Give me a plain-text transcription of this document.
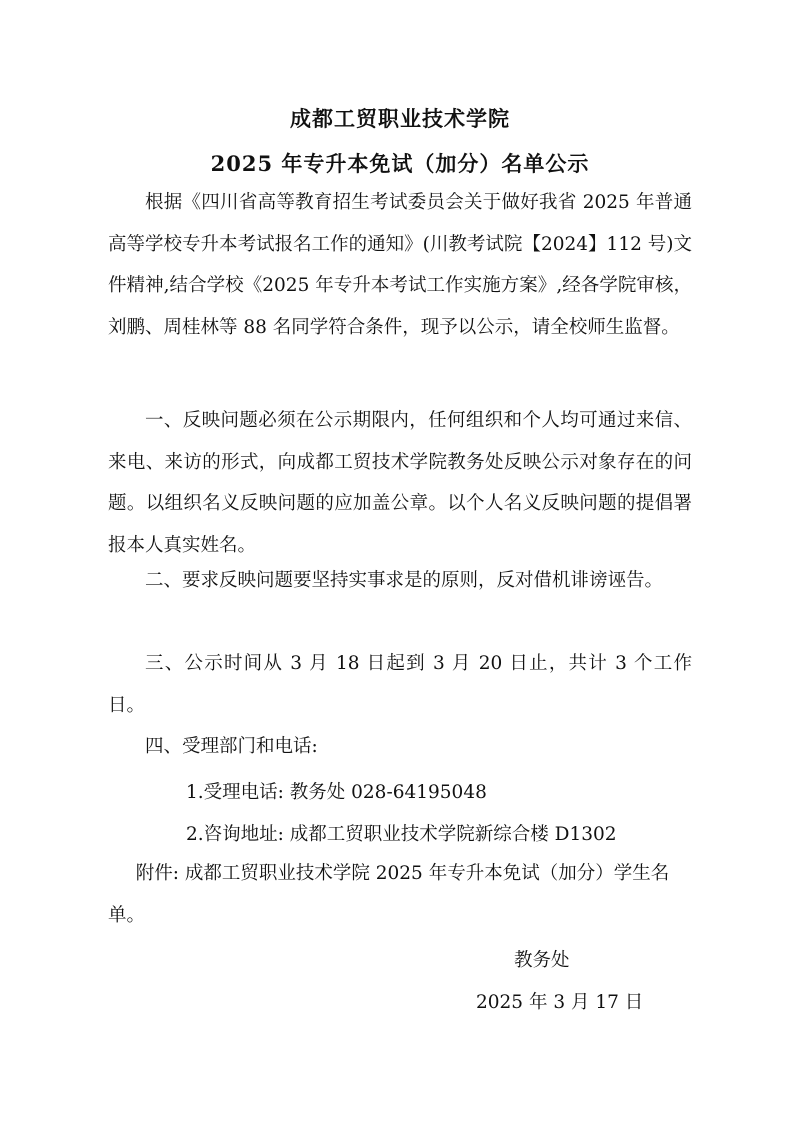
成都工贸职业技术学院
2025 年专升本免试（加分）名单公示

根据《四川省高等教育招生考试委员会关于做好我省 2025 年普通高等学校专升本考试报名工作的通知》(川教考试院【2024】112 号)文件精神,结合学校《2025 年专升本考试工作实施方案》,经各学院审核，刘鹏、周桂林等 88 名同学符合条件，现予以公示，请全校师生监督。

一、反映问题必须在公示期限内，任何组织和个人均可通过来信、来电、来访的形式，向成都工贸技术学院教务处反映公示对象存在的问题。以组织名义反映问题的应加盖公章。以个人名义反映问题的提倡署报本人真实姓名。

二、要求反映问题要坚持实事求是的原则，反对借机诽谤诬告。

三、公示时间从 3 月 18 日起到 3 月 20 日止，共计 3 个工作日。

四、受理部门和电话:

1.受理电话: 教务处 028-64195048
2.咨询地址: 成都工贸职业技术学院新综合楼 D1302

附件: 成都工贸职业技术学院 2025 年专升本免试（加分）学生名单。

教务处
2025 年 3 月 17 日
